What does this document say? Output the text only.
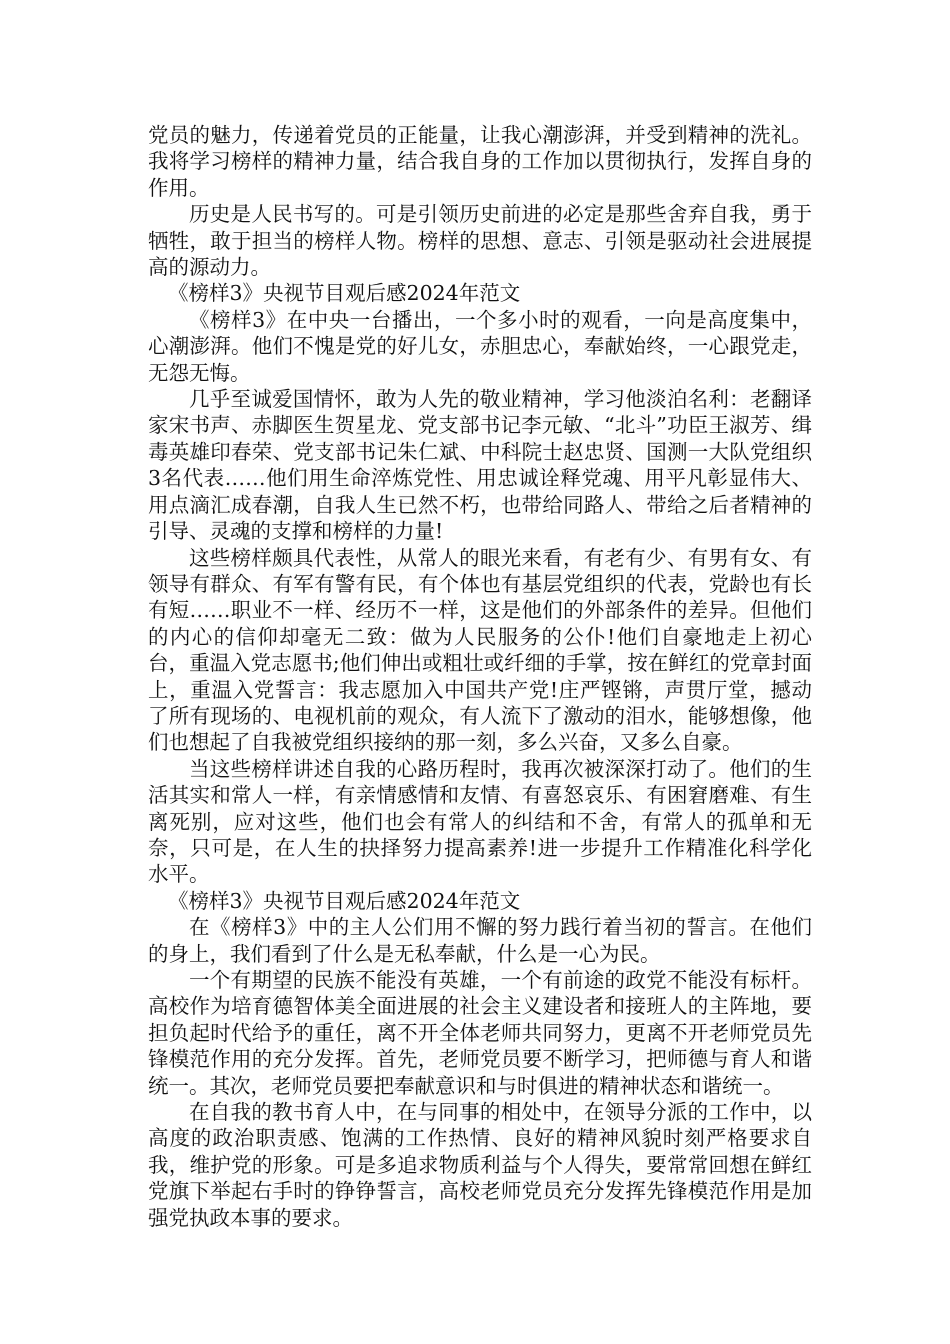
党员的魅力，传递着党员的正能量，让我心潮澎湃，并受到精神的洗礼。我将学习榜样的精神力量，结合我自身的工作加以贯彻执行，发挥自身的作用。

历史是人民书写的。可是引领历史前进的必定是那些舍弃自我，勇于牺牲，敢于担当的榜样人物。榜样的思想、意志、引领是驱动社会进展提高的源动力。

《榜样3》央视节目观后感2024年范文

《榜样3》在中央一台播出，一个多小时的观看，一向是高度集中，心潮澎湃。他们不愧是党的好儿女，赤胆忠心，奉献始终，一心跟党走，无怨无悔。

几乎至诚爱国情怀，敢为人先的敬业精神，学习他淡泊名利：老翻译家宋书声、赤脚医生贺星龙、党支部书记李元敏、“北斗”功臣王淑芳、缉毒英雄印春荣、党支部书记朱仁斌、中科院士赵忠贤、国测一大队党组织3名代表……他们用生命淬炼党性、用忠诚诠释党魂、用平凡彰显伟大、用点滴汇成春潮，自我人生已然不朽，也带给同路人、带给之后者精神的引导、灵魂的支撑和榜样的力量!

这些榜样颇具代表性，从常人的眼光来看，有老有少、有男有女、有领导有群众、有军有警有民，有个体也有基层党组织的代表，党龄也有长有短……职业不一样、经历不一样，这是他们的外部条件的差异。但他们的内心的信仰却毫无二致：做为人民服务的公仆!他们自豪地走上初心台，重温入党志愿书;他们伸出或粗壮或纤细的手掌，按在鲜红的党章封面上，重温入党誓言：我志愿加入中国共产党!庄严铿锵，声贯厅堂，撼动了所有现场的、电视机前的观众，有人流下了激动的泪水，能够想像，他们也想起了自我被党组织接纳的那一刻，多么兴奋，又多么自豪。

当这些榜样讲述自我的心路历程时，我再次被深深打动了。他们的生活其实和常人一样，有亲情感情和友情、有喜怒哀乐、有困窘磨难、有生离死别，应对这些，他们也会有常人的纠结和不舍，有常人的孤单和无奈，只可是，在人生的抉择努力提高素养!进一步提升工作精准化科学化水平。

《榜样3》央视节目观后感2024年范文

在《榜样3》中的主人公们用不懈的努力践行着当初的誓言。在他们的身上，我们看到了什么是无私奉献，什么是一心为民。

一个有期望的民族不能没有英雄，一个有前途的政党不能没有标杆。高校作为培育德智体美全面进展的社会主义建设者和接班人的主阵地，要担负起时代给予的重任，离不开全体老师共同努力，更离不开老师党员先锋模范作用的充分发挥。首先，老师党员要不断学习，把师德与育人和谐统一。其次，老师党员要把奉献意识和与时俱进的精神状态和谐统一。

在自我的教书育人中，在与同事的相处中，在领导分派的工作中，以高度的政治职责感、饱满的工作热情、良好的精神风貌时刻严格要求自我，维护党的形象。可是多追求物质利益与个人得失，要常常回想在鲜红党旗下举起右手时的铮铮誓言，高校老师党员充分发挥先锋模范作用是加强党执政本事的要求。
